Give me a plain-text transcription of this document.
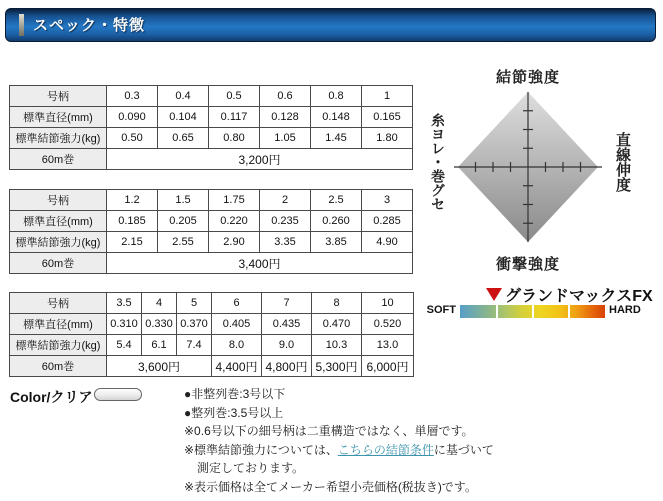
スペック・特徴
号柄	0.3	0.4	0.5	0.6	0.8	1
標準直径(mm)	0.090	0.104	0.117	0.128	0.148	0.165
標準結節強力(kg)	0.50	0.65	0.80	1.05	1.45	1.80
60m巻	3,200円					
号柄	1.2	1.5	1.75	2	2.5	3
標準直径(mm)	0.185	0.205	0.220	0.235	0.260	0.285
標準結節強力(kg)	2.15	2.55	2.90	3.35	3.85	4.90
60m巻	3,400円					
号柄	3.5	4	5	6	7	8	10
標準直径(mm)	0.310	0.330	0.370	0.405	0.435	0.470	0.520
標準結節強力(kg)	5.4	6.1	7.4	8.0	9.0	10.3	13.0
60m巻	3,600円			4,400円	4,800円	5,300円	6,000円
結節強度
衝撃強度
糸ヨレ・巻グセ	直線伸度
グランドマックスFX
SOFT	HARD
Color/クリア	●非整列巻:3号以下
●整列巻:3.5号以上
※0.6号以下の細号柄は二重構造ではなく、単層です。
※標準結節強力については、こちらの結節条件に基づいて
測定しております。
※表示価格は全てメーカー希望小売価格(税抜き)です。
